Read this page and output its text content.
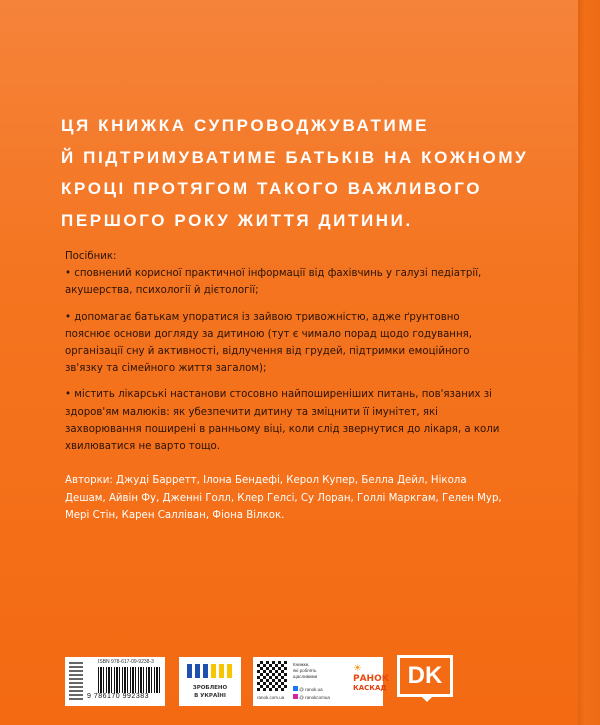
ЦЯ КНИЖКА СУПРОВОДЖУВАТИМЕ
Й ПІДТРИМУВАТИМЕ БАТЬКІВ НА КОЖНОМУ
КРОЦІ ПРОТЯГОМ ТАКОГО ВАЖЛИВОГО
ПЕРШОГО РОКУ ЖИТТЯ ДИТИНИ.

Посібник:

• сповнений корисної практичної інформації від фахівчинь у галузі педіатрії, акушерства, психології й дієтології;

• допомагає батькам упоратися із зайвою тривожністю, адже ґрунтовно пояснює основи догляду за дитиною (тут є чимало порад щодо годування, організації сну й активності, відлучення від грудей, підтримки емоційного зв'язку та сімейного життя загалом);

• містить лікарські настанови стосовно найпоширеніших питань, пов'язаних зі здоров'ям малюків: як убезпечити дитину та зміцнити її імунітет, які захворювання поширені в ранньому віці, коли слід звернутися до лікаря, а коли хвилюватися не варто тощо.

Авторки: Джуді Барретт, Ілона Бендефі, Керол Купер, Белла Дейл, Нікола Дешам, Айвін Фу, Дженні Голл, Клер Гелсі, Су Лоран, Голлі Маркгам, Гелен Мур, Мері Стін, Карен Салліван, Фіона Вілкок.
ISBN 978-617-09-9238-3
9 786170 992383
ЗРОБЛЕНО
В УКРАЇНІ	ranok.com.ua
Книжки,
які роблять
щасливими
@ ranok.ua
@ ranokcomua
☀
РАНОК
КАСКАД DK
